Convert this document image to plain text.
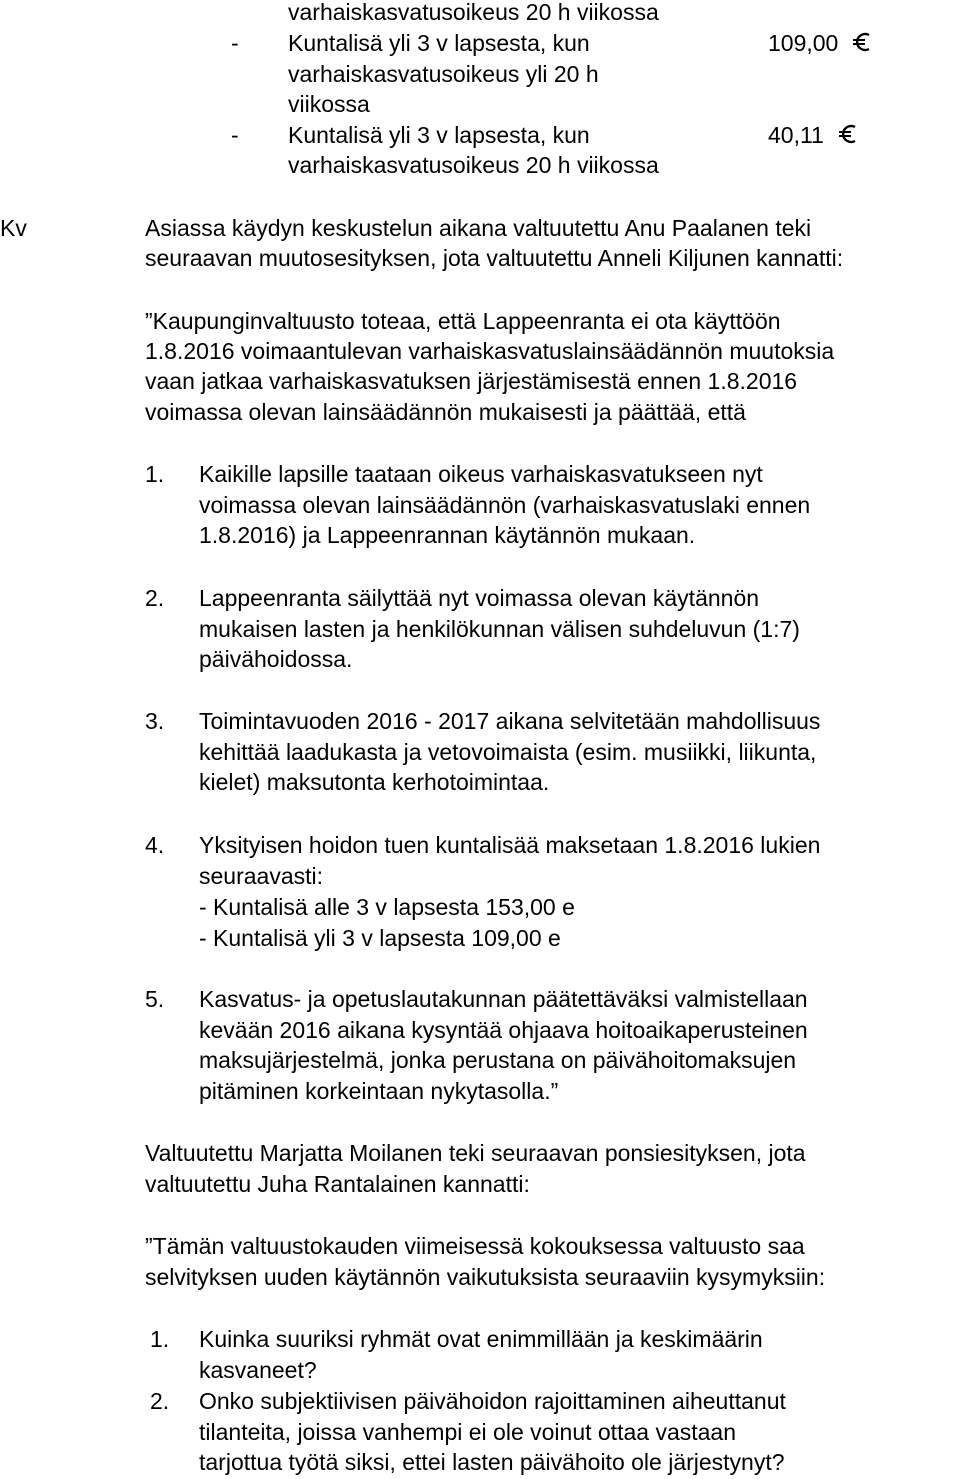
varhaiskasvatusoikeus 20 h viikossa
- Kuntalisä yli 3 v lapsesta, kun
varhaiskasvatusoikeus yli 20 h
viikossa
109,00
- Kuntalisä yli 3 v lapsesta, kun
varhaiskasvatusoikeus 20 h viikossa
40,11
Kv	Asiassa käydyn keskustelun aikana valtuutettu Anu Paalanen teki
seuraavan muutosesityksen, jota valtuutettu Anneli Kiljunen kannatti:
”Kaupunginvaltuusto toteaa, että Lappeenranta ei ota käyttöön
1.8.2016 voimaantulevan varhaiskasvatuslainsäädännön muutoksia
vaan jatkaa varhaiskasvatuksen järjestämisestä ennen 1.8.2016
voimassa olevan lainsäädännön mukaisesti ja päättää, että
1. Kaikille lapsille taataan oikeus varhaiskasvatukseen nyt
voimassa olevan lainsäädännön (varhaiskasvatuslaki ennen
1.8.2016) ja Lappeenrannan käytännön mukaan.
2. Lappeenranta säilyttää nyt voimassa olevan käytännön
mukaisen lasten ja henkilökunnan välisen suhdeluvun (1:7)
päivähoidossa.
3. Toimintavuoden 2016 - 2017 aikana selvitetään mahdollisuus
kehittää laadukasta ja vetovoimaista (esim. musiikki, liikunta,
kielet) maksutonta kerhotoimintaa.
4. Yksityisen hoidon tuen kuntalisää maksetaan 1.8.2016 lukien
seuraavasti:
- Kuntalisä alle 3 v lapsesta 153,00 e
- Kuntalisä yli 3 v lapsesta 109,00 e
5. Kasvatus- ja opetuslautakunnan päätettäväksi valmistellaan
kevään 2016 aikana kysyntää ohjaava hoitoaikaperusteinen
maksujärjestelmä, jonka perustana on päivähoitomaksujen
pitäminen korkeintaan nykytasolla.”
Valtuutettu Marjatta Moilanen teki seuraavan ponsiesityksen, jota
valtuutettu Juha Rantalainen kannatti:
”Tämän valtuustokauden viimeisessä kokouksessa valtuusto saa
selvityksen uuden käytännön vaikutuksista seuraaviin kysymyksiin:
1. Kuinka suuriksi ryhmät ovat enimmillään ja keskimäärin
kasvaneet?
2. Onko subjektiivisen päivähoidon rajoittaminen aiheuttanut
tilanteita, joissa vanhempi ei ole voinut ottaa vastaan
tarjottua työtä siksi, ettei lasten päivähoito ole järjestynyt?
